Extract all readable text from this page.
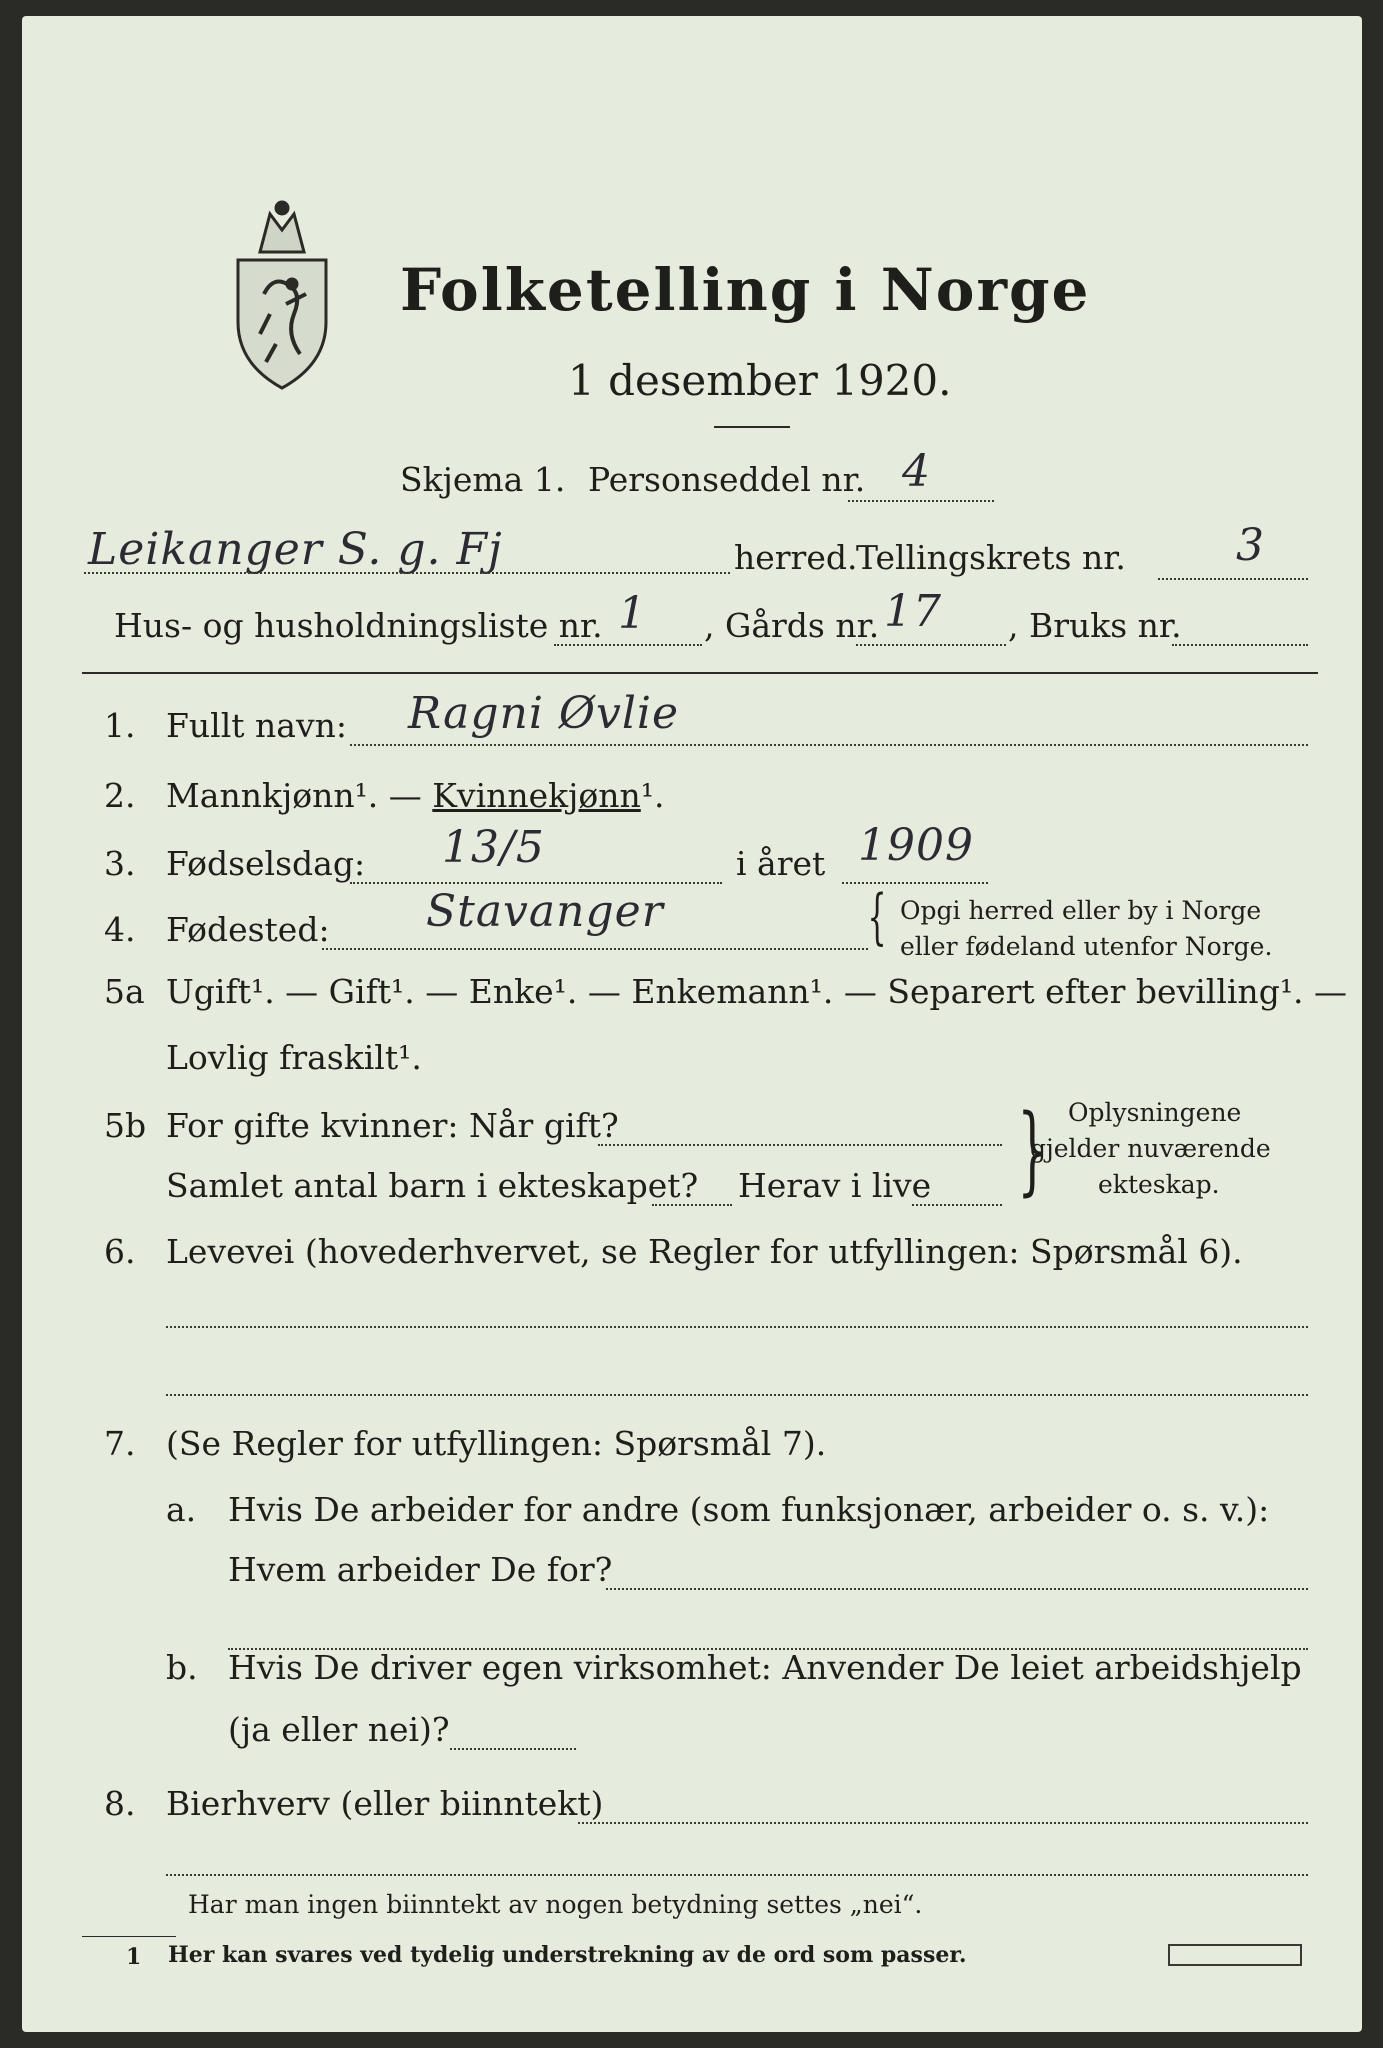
Folketelling i Norge
1 desember 1920.
Skjema 1. Personseddel nr. 4
Leikanger S. g. Fj	herred.
Tellingskrets nr.	3
Hus- og husholdningsliste nr. 1 , Gårds nr. 17 , Bruks nr.
1. Fullt navn: Ragni Øvlie
2. Mannkjønn¹. — Kvinnekjønn¹.
3. Fødselsdag: 13/5	i året 1909
4. Fødested: Stavanger	{ Opgi herred eller by i Norge
eller fødeland utenfor Norge.
5a Ugift¹. — Gift¹. — Enke¹. — Enkemann¹. — Separert efter bevilling¹. —
Lovlig fraskilt¹.
5b For gifte kvinner: Når gift?
Samlet antal barn i ekteskapet? Herav i live } Oplysningene
gjelder nuværende
ekteskap.
6. Levevei (hovederhvervet, se Regler for utfyllingen: Spørsmål 6).
7. (Se Regler for utfyllingen: Spørsmål 7).
a. Hvis De arbeider for andre (som funksjonær, arbeider o. s. v.):
Hvem arbeider De for?
b. Hvis De driver egen virksomhet: Anvender De leiet arbeidshjelp
(ja eller nei)?
8. Bierhverv (eller biinntekt)
Har man ingen biinntekt av nogen betydning settes „nei“.
1 Her kan svares ved tydelig understrekning av de ord som passer.
